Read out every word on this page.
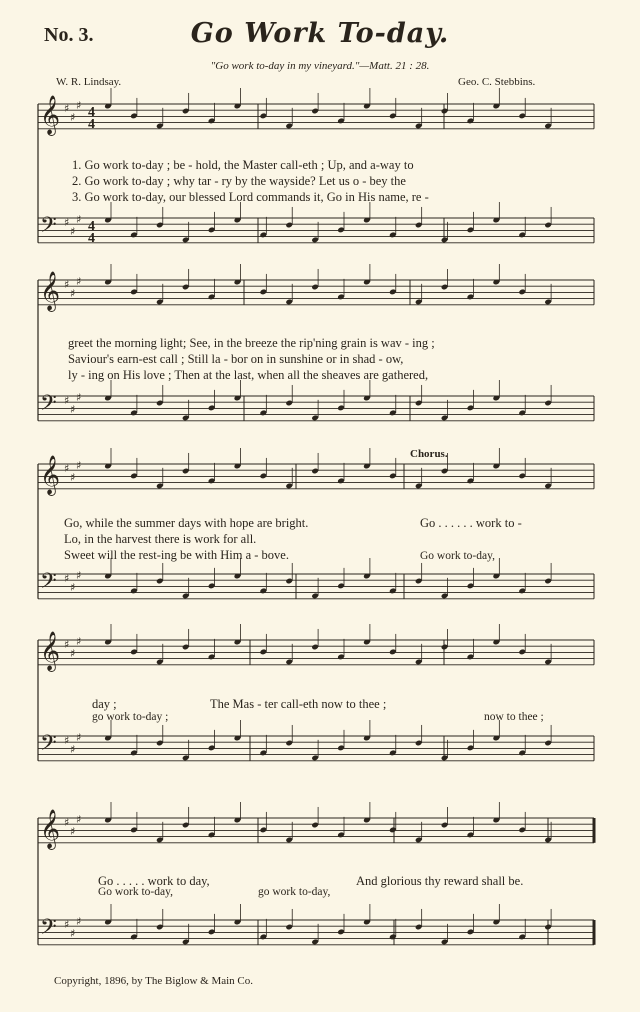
No. 3.	Go Work To-day.
"Go work to-day in my vineyard."—Matt. 21 : 28.
W. R. Lindsay.	Geo. C. Stebbins.
𝄞 ♯
♯
♯
𝄢 ♯
♯
♯
𝄞 ♯
♯
♯
𝄢 ♯
♯
♯
𝄞 ♯
♯
♯
𝄢 ♯
♯
♯
𝄞 ♯
♯
♯
𝄢 ♯
♯
♯
𝄞 ♯
♯
♯
𝄢 ♯
♯
♯
4
4
4
4
1. Go work to-day ; be - hold, the Master call-eth ; Up, and a-way to
2. Go work to-day ; why tar - ry by the wayside? Let us o - bey the
3. Go work to-day, our blessed Lord commands it, Go in His name, re -
greet the morning light; See, in the breeze the rip'ning grain is wav - ing ;
Saviour's earn-est call ; Still la - bor on in sunshine or in shad - ow,
ly - ing on His love ; Then at the last, when all the sheaves are gathered,
Chorus.
Go, while the summer days with hope are bright.
Lo, in the harvest there is work for all.
Sweet will the rest-ing be with Him a - bove.
Go . . . . . . work to -
Go work to-day,
day ;	The Mas - ter call-eth now to thee ;
go work to-day ;	now to thee ;
Go . . . . . work to day,	And glorious thy reward shall be.
Go work to-day,	go work to-day,
Copyright, 1896, by The Biglow & Main Co.
